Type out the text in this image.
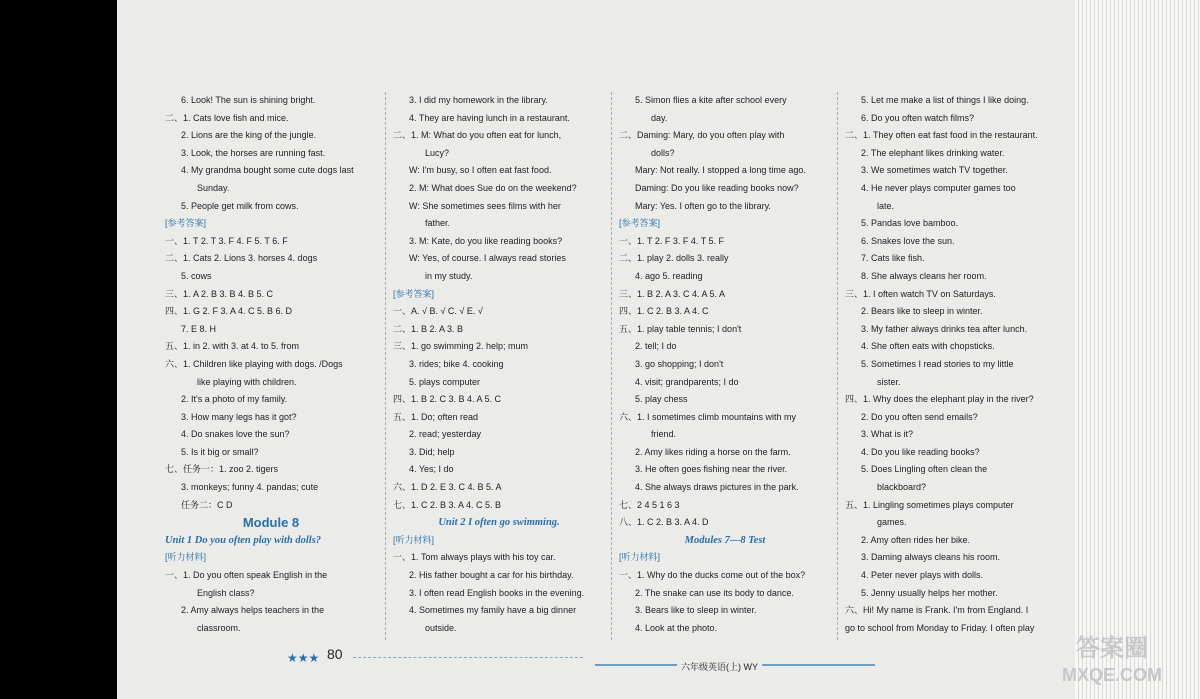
6. Look! The sun is shining bright.
二、1. Cats love fish and mice.
2. Lions are the king of the jungle.
3. Look, the horses are running fast.
4. My grandma bought some cute dogs last
Sunday.
5. People get milk from cows.
[参考答案]
一、1. T 2. T 3. F 4. F 5. T 6. F
二、1. Cats 2. Lions 3. horses 4. dogs
5. cows
三、1. A 2. B 3. B 4. B 5. C
四、1. G 2. F 3. A 4. C 5. B 6. D
7. E 8. H
五、1. in 2. with 3. at 4. to 5. from
六、1. Children like playing with dogs. /Dogs
like playing with children.
2. It's a photo of my family.
3. How many legs has it got?
4. Do snakes love the sun?
5. Is it big or small?
七、任务一：1. zoo 2. tigers
3. monkeys; funny 4. pandas; cute
任务二：C D
Module 8
Unit 1 Do you often play with dolls?
[听力材料]
一、1. Do you often speak English in the
English class?
2. Amy always helps teachers in the
classroom.
3. I did my homework in the library.
4. They are having lunch in a restaurant.
二、1. M: What do you often eat for lunch,
Lucy?
W: I'm busy, so I often eat fast food.
2. M: What does Sue do on the weekend?
W: She sometimes sees films with her
father.
3. M: Kate, do you like reading books?
W: Yes, of course. I always read stories
in my study.
[参考答案]
一、A. √ B. √ C. √ E. √
二、1. B 2. A 3. B
三、1. go swimming 2. help; mum
3. rides; bike 4. cooking
5. plays computer
四、1. B 2. C 3. B 4. A 5. C
五、1. Do; often read
2. read; yesterday
3. Did; help
4. Yes; I do
六、1. D 2. E 3. C 4. B 5. A
七、1. C 2. B 3. A 4. C 5. B
Unit 2 I often go swimming.
[听力材料]
一、1. Tom always plays with his toy car.
2. His father bought a car for his birthday.
3. I often read English books in the evening.
4. Sometimes my family have a big dinner
outside.
5. Simon flies a kite after school every
day.
二、Daming: Mary, do you often play with
dolls?
Mary: Not really. I stopped a long time ago.
Daming: Do you like reading books now?
Mary: Yes. I often go to the library.
[参考答案]
一、1. T 2. F 3. F 4. T 5. F
二、1. play 2. dolls 3. really
4. ago 5. reading
三、1. B 2. A 3. C 4. A 5. A
四、1. C 2. B 3. A 4. C
五、1. play table tennis; I don't
2. tell; I do
3. go shopping; I don't
4. visit; grandparents; I do
5. play chess
六、1. I sometimes climb mountains with my
friend.
2. Amy likes riding a horse on the farm.
3. He often goes fishing near the river.
4. She always draws pictures in the park.
七、2 4 5 1 6 3
八、1. C 2. B 3. A 4. D
Modules 7—8 Test
[听力材料]
一、1. Why do the ducks come out of the box?
2. The snake can use its body to dance.
3. Bears like to sleep in winter.
4. Look at the photo.
5. Let me make a list of things I like doing.
6. Do you often watch films?
二、1. They often eat fast food in the restaurant.
2. The elephant likes drinking water.
3. We sometimes watch TV together.
4. He never plays computer games too
late.
5. Pandas love bamboo.
6. Snakes love the sun.
7. Cats like fish.
8. She always cleans her room.
三、1. I often watch TV on Saturdays.
2. Bears like to sleep in winter.
3. My father always drinks tea after lunch.
4. She often eats with chopsticks.
5. Sometimes I read stories to my little
sister.
四、1. Why does the elephant play in the river?
2. Do you often send emails?
3. What is it?
4. Do you like reading books?
5. Does Lingling often clean the
blackboard?
五、1. Lingling sometimes plays computer
games.
2. Amy often rides her bike.
3. Daming always cleans his room.
4. Peter never plays with dolls.
5. Jenny usually helps her mother.
六、Hi! My name is Frank. I'm from England. I
go to school from Monday to Friday. I often play
★★★ 80
六年级英语(上) WY
答案圈
MXQE.COM
